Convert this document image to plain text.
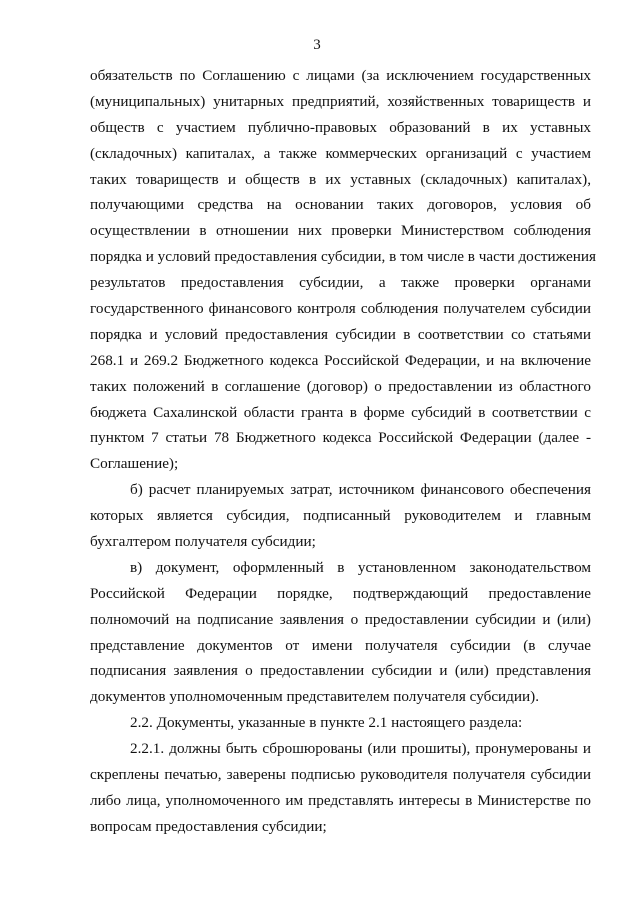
3
обязательств по Соглашению с лицами (за исключением государственных
(муниципальных) унитарных предприятий, хозяйственных товариществ и
обществ с участием публично-правовых образований в их уставных
(складочных) капиталах, а также коммерческих организаций с участием
таких товариществ и обществ в их уставных (складочных) капиталах),
получающими средства на основании таких договоров, условия об
осуществлении в отношении них проверки Министерством соблюдения
порядка и условий предоставления субсидии, в том числе в части достижения
результатов предоставления субсидии, а также проверки органами
государственного финансового контроля соблюдения получателем субсидии
порядка и условий предоставления субсидии в соответствии со статьями
268.1 и 269.2 Бюджетного кодекса Российской Федерации, и на включение
таких положений в соглашение (договор) о предоставлении из областного
бюджета Сахалинской области гранта в форме субсидий в соответствии с
пунктом 7 статьи 78 Бюджетного кодекса Российской Федерации (далее -
Соглашение);
б) расчет планируемых затрат, источником финансового обеспечения
которых является субсидия, подписанный руководителем и главным
бухгалтером получателя субсидии;
в) документ, оформленный в установленном законодательством
Российской Федерации порядке, подтверждающий предоставление
полномочий на подписание заявления о предоставлении субсидии и (или)
представление документов от имени получателя субсидии (в случае
подписания заявления о предоставлении субсидии и (или) представления
документов уполномоченным представителем получателя субсидии).
2.2. Документы, указанные в пункте 2.1 настоящего раздела:
2.2.1. должны быть сброшюрованы (или прошиты), пронумерованы и
скреплены печатью, заверены подписью руководителя получателя субсидии
либо лица, уполномоченного им представлять интересы в Министерстве по
вопросам предоставления субсидии;
